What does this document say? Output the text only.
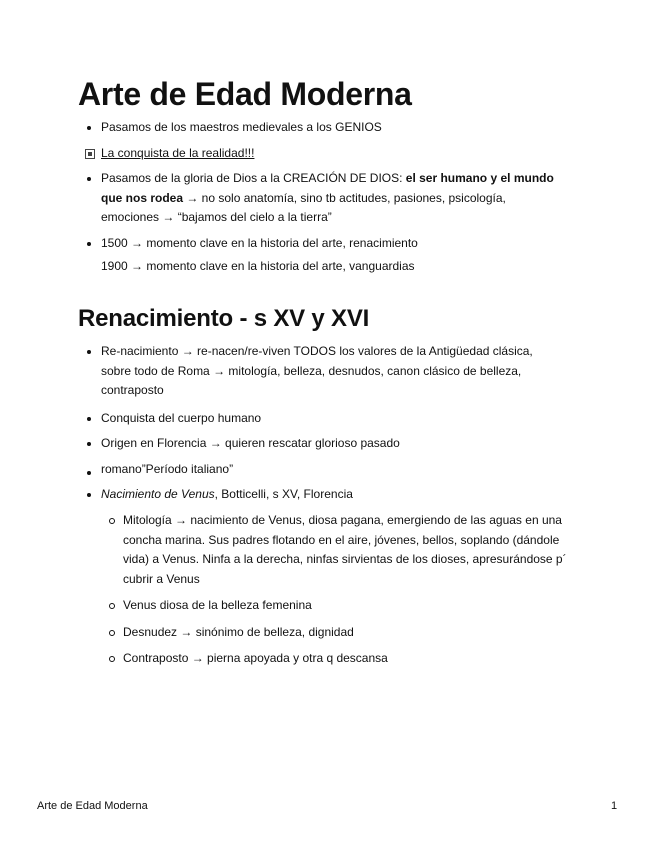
Arte de Edad Moderna
Pasamos de los maestros medievales a los GENIOS
La conquista de la realidad!!!
Pasamos de la gloria de Dios a la CREACIÓN DE DIOS: el ser humano y el mundo que nos rodea → no solo anatomía, sino tb actitudes, pasiones, psicología, emociones → “bajamos del cielo a la tierra”
1500 → momento clave en la historia del arte, renacimiento
1900 → momento clave en la historia del arte, vanguardias
Renacimiento - s XV y XVI
Re-nacimiento → re-nacen/re-viven TODOS los valores de la Antigüedad clásica, sobre todo de Roma → mitología, belleza, desnudos, canon clásico de belleza, contraposto
Conquista del cuerpo humano
Origen en Florencia → quieren rescatar glorioso pasado
romano”Período italiano”
Nacimiento de Venus, Botticelli, s XV, Florencia
Mitología → nacimiento de Venus, diosa pagana, emergiendo de las aguas en una concha marina. Sus padres flotando en el aire, jóvenes, bellos, soplando (dándole vida) a Venus. Ninfa a la derecha, ninfas sirvientas de los dioses, apresurándose p´ cubrir a Venus
Venus diosa de la belleza femenina
Desnudez → sinónimo de belleza, dignidad
Contraposto → pierna apoyada y otra q descansa
Arte de Edad Moderna	1
